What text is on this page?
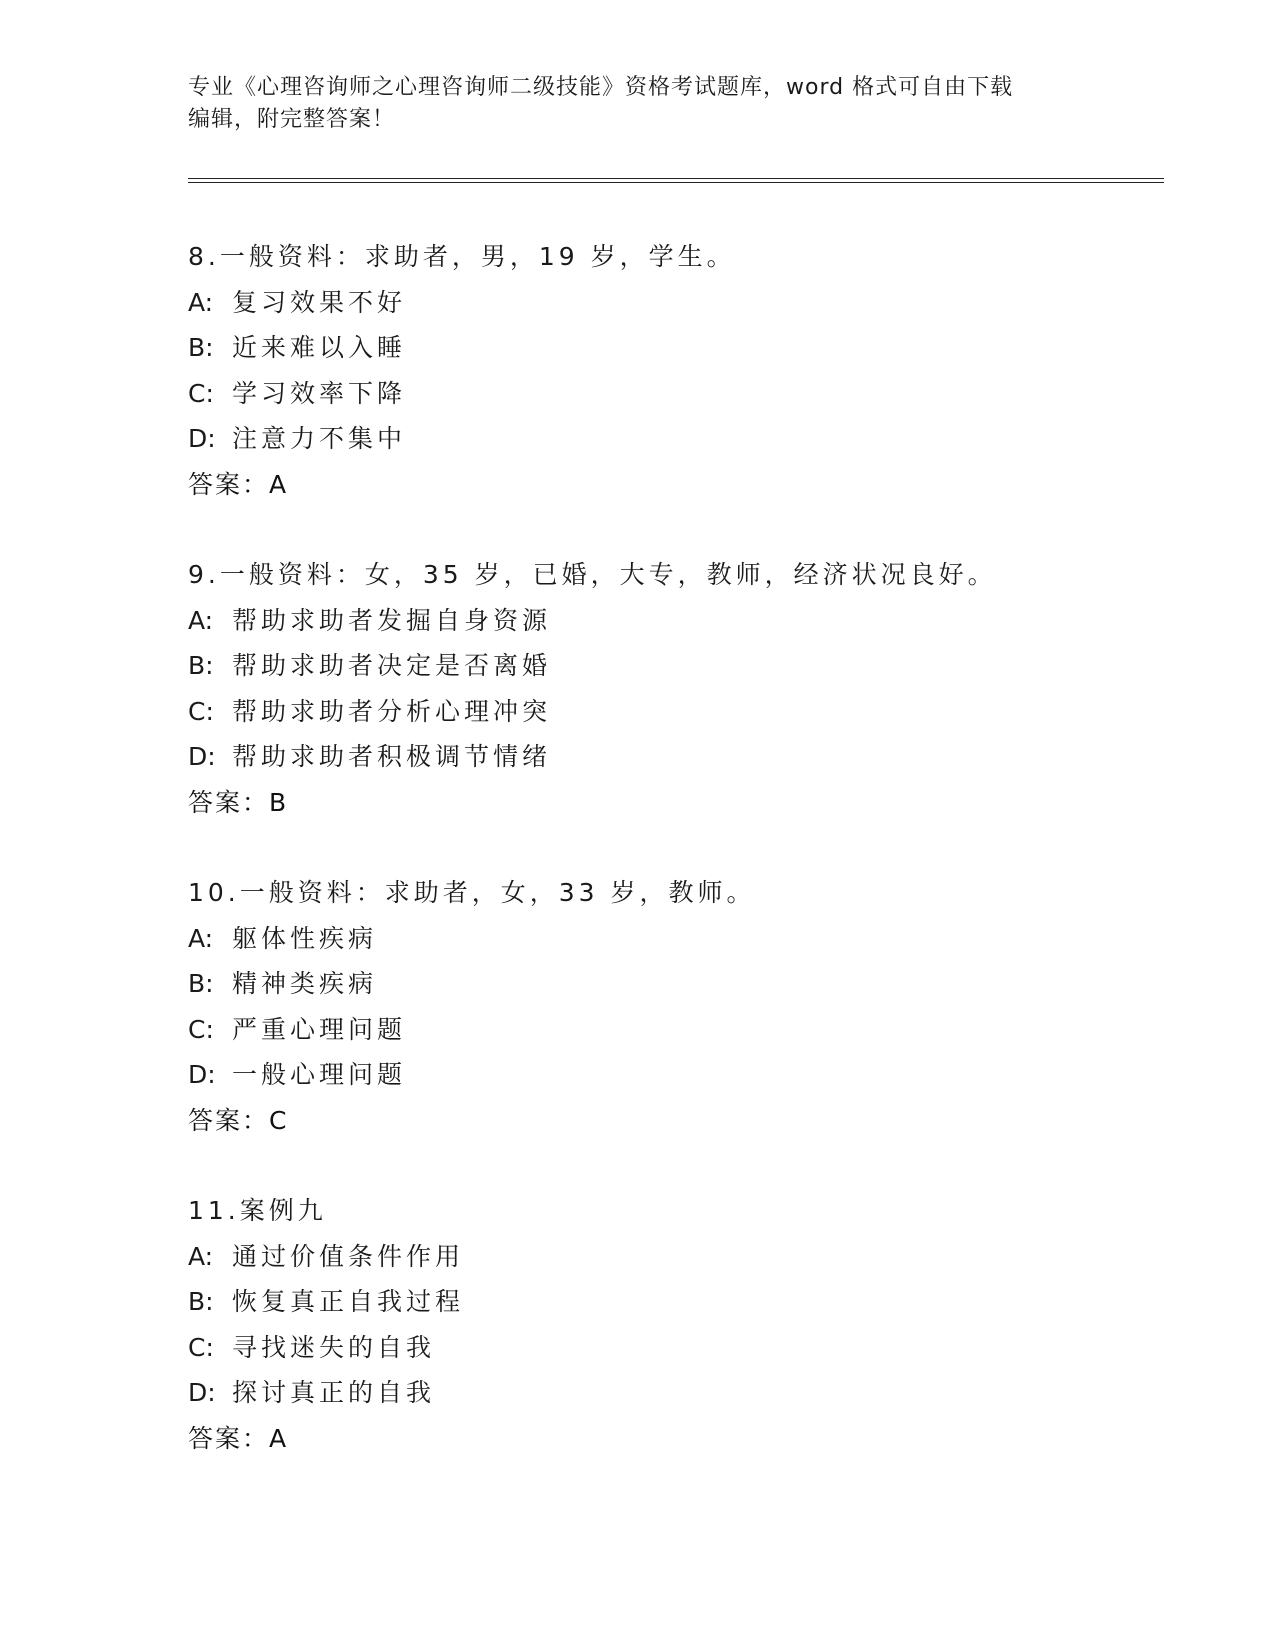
专业《心理咨询师之心理咨询师二级技能》资格考试题库，word 格式可自由下载
编辑，附完整答案！
8.一般资料：求助者，男，19 岁，学生。
A: 复习效果不好
B: 近来难以入睡
C: 学习效率下降
D: 注意力不集中
答案：A
9.一般资料：女，35 岁，已婚，大专，教师，经济状况良好。
A: 帮助求助者发掘自身资源
B: 帮助求助者决定是否离婚
C: 帮助求助者分析心理冲突
D: 帮助求助者积极调节情绪
答案：B
10.一般资料：求助者，女，33 岁，教师。
A: 躯体性疾病
B: 精神类疾病
C: 严重心理问题
D: 一般心理问题
答案：C
11.案例九
A: 通过价值条件作用
B: 恢复真正自我过程
C: 寻找迷失的自我
D: 探讨真正的自我
答案：A
